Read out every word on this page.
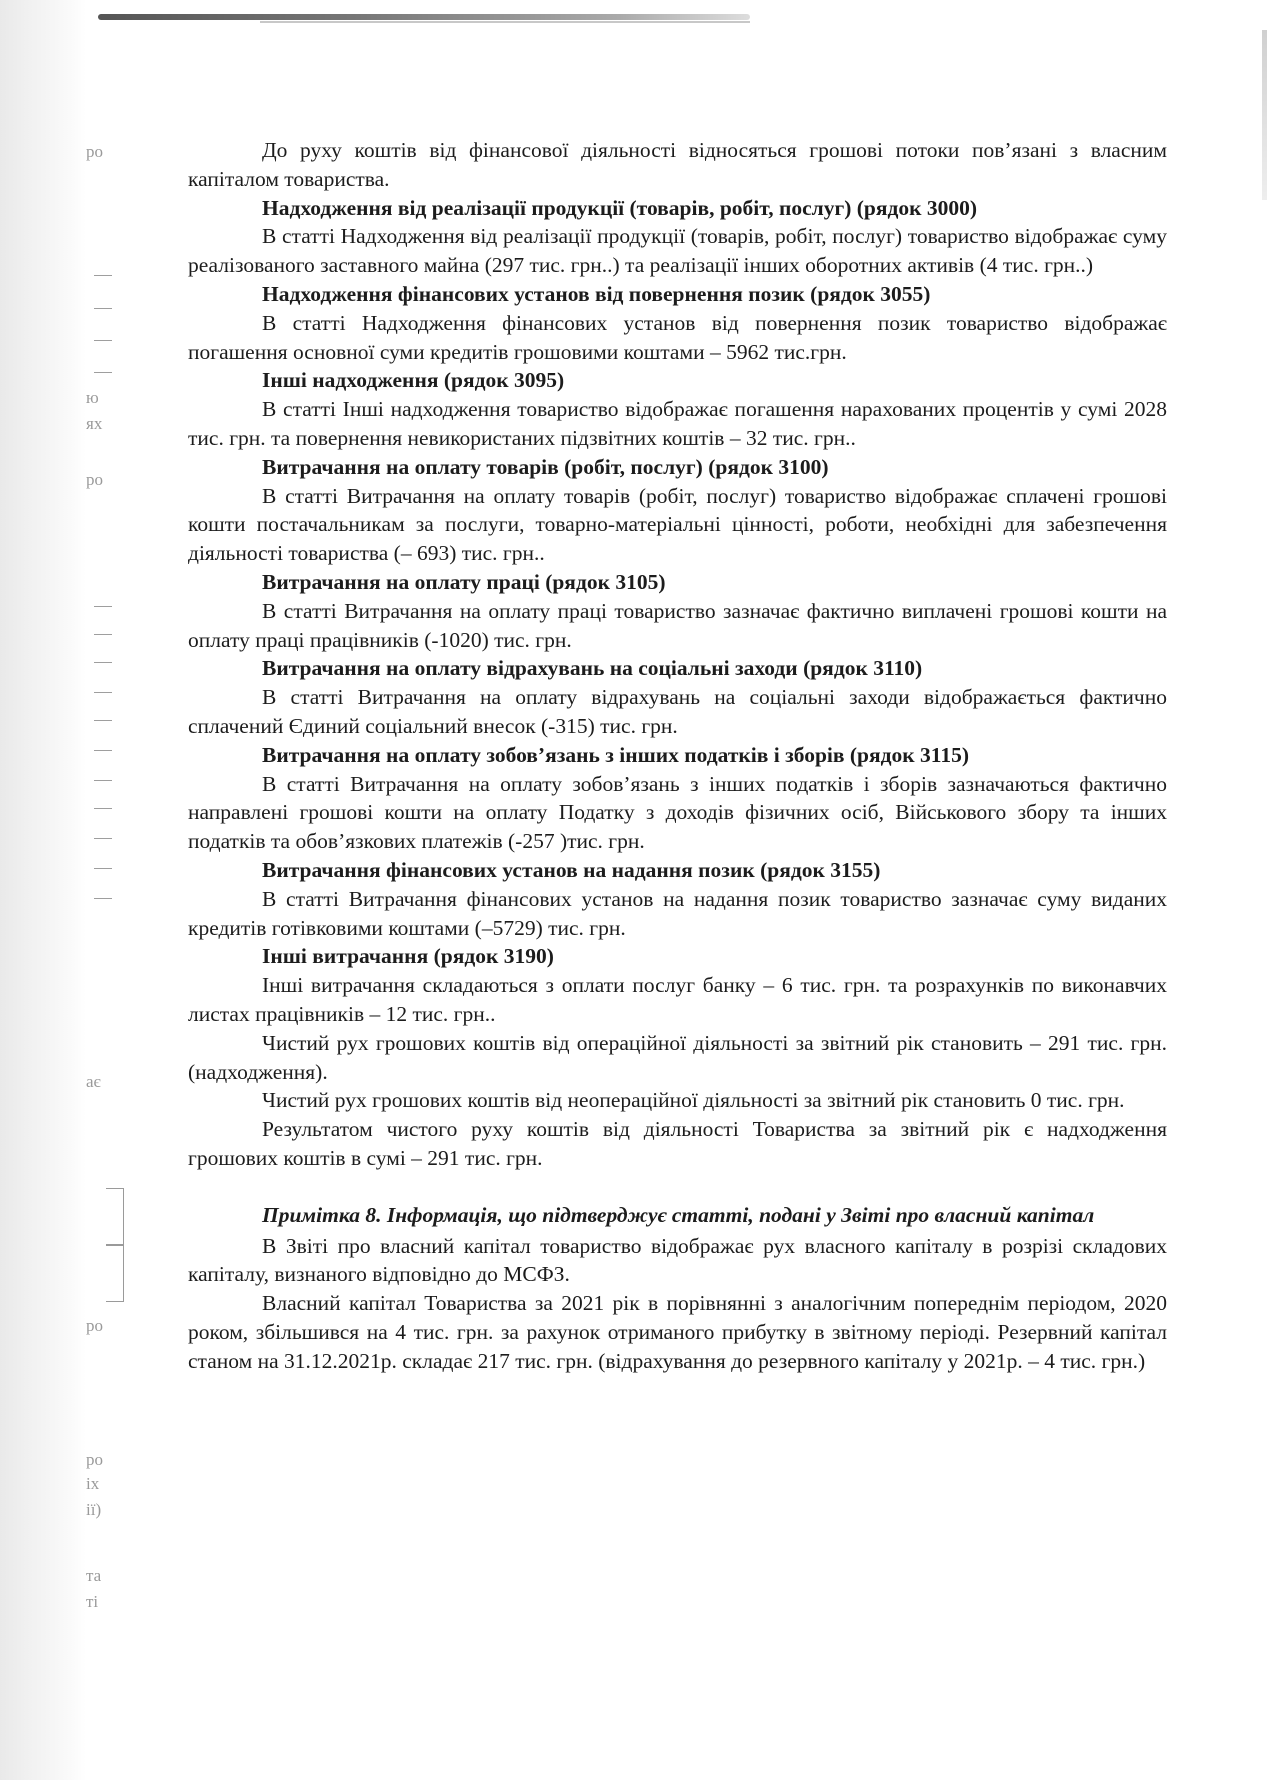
ро
ю
ях
ро
ає
ро
ро
іх
ії)
та
ті

До руху коштів від фінансової діяльності відносяться грошові потоки пов’язані з власним капіталом товариства.

Надходження від реалізації продукції (товарів, робіт, послуг) (рядок 3000)

В статті Надходження від реалізації продукції (товарів, робіт, послуг) товариство відображає суму реалізованого заставного майна (297 тис. грн..) та реалізації інших оборотних активів (4 тис. грн..)

Надходження фінансових установ від повернення позик (рядок 3055)

В статті Надходження фінансових установ від повернення позик товариство відображає погашення основної суми кредитів грошовими коштами – 5962 тис.грн.

Інші надходження (рядок 3095)

В статті Інші надходження товариство відображає погашення нарахованих процентів у сумі 2028 тис. грн. та повернення невикористаних підзвітних коштів – 32 тис. грн..

Витрачання на оплату товарів (робіт, послуг) (рядок 3100)

В статті Витрачання на оплату товарів (робіт, послуг) товариство відображає сплачені грошові кошти постачальникам за послуги, товарно-матеріальні цінності, роботи, необхідні для забезпечення діяльності товариства (– 693) тис. грн..

Витрачання на оплату праці (рядок 3105)

В статті Витрачання на оплату праці товариство зазначає фактично виплачені грошові кошти на оплату праці працівників (-1020) тис. грн.

Витрачання на оплату відрахувань на соціальні заходи (рядок 3110)

В статті Витрачання на оплату відрахувань на соціальні заходи відображається фактично сплачений Єдиний соціальний внесок (-315) тис. грн.

Витрачання на оплату зобов’язань з інших податків і зборів (рядок 3115)

В статті Витрачання на оплату зобов’язань з інших податків і зборів зазначаються фактично направлені грошові кошти на оплату Податку з доходів фізичних осіб, Військового збору та інших податків та обов’язкових платежів (-257 )тис. грн.

Витрачання фінансових установ на надання позик (рядок 3155)

В статті Витрачання фінансових установ на надання позик товариство зазначає суму виданих кредитів готівковими коштами (–5729) тис. грн.

Інші витрачання (рядок 3190)

Інші витрачання складаються з оплати послуг банку – 6 тис. грн. та розрахунків по виконавчих листах працівників – 12 тис. грн..

Чистий рух грошових коштів від операційної діяльності за звітний рік становить – 291 тис. грн. (надходження).

Чистий рух грошових коштів від неопераційної діяльності за звітний рік становить 0 тис. грн.

Результатом чистого руху коштів від діяльності Товариства за звітний рік є надходження грошових коштів в сумі – 291 тис. грн.

Примітка 8. Інформація, що підтверджує статті, подані у Звіті про власний капітал

В Звіті про власний капітал товариство відображає рух власного капіталу в розрізі складових капіталу, визнаного відповідно до МСФЗ.

Власний капітал Товариства за 2021 рік в порівнянні з аналогічним попереднім періодом, 2020 роком, збільшився на 4 тис. грн. за рахунок отриманого прибутку в звітному періоді. Резервний капітал станом на 31.12.2021р. складає 217 тис. грн. (відрахування до резервного капіталу у 2021р. – 4 тис. грн.)
